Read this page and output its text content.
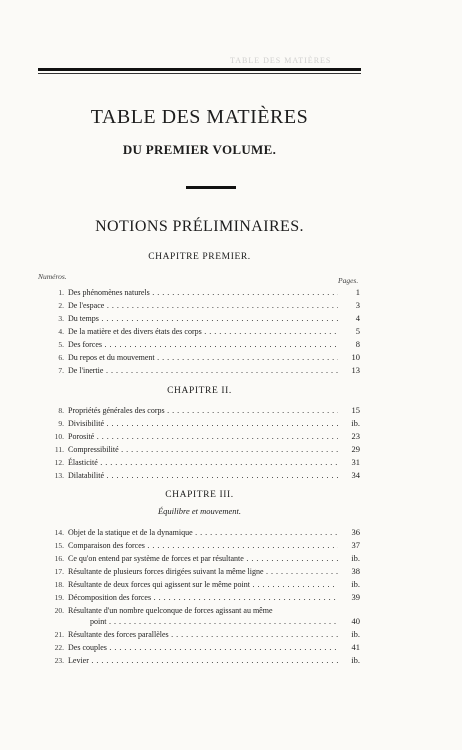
TABLE DES MATIÈRES
TABLE DES MATIÈRES
DU PREMIER VOLUME.
NOTIONS PRÉLIMINAIRES.
CHAPITRE PREMIER.
Numéros.	Pages.
1. Des phénomènes naturels . . .	1
2. De l'espace . . .	3
3. Du temps . . .	4
4. De la matière et des divers états des corps . . .	5
5. Des forces . . .	8
6. Du repos et du mouvement . . .	10
7. De l'inertie . . .	13
CHAPITRE II.
8. Propriétés générales des corps . . .	15
9. Divisibilité . . .	ib.
10. Porosité . . .	23
11. Compressibilité . . .	29
12. Élasticité . . .	31
13. Dilatabilité . . .	34
CHAPITRE III.
Équilibre et mouvement.
14. Objet de la statique et de la dynamique . . .	36
15. Comparaison des forces . . .	37
16. Ce qu'on entend par système de forces et par résultante . . .	ib.
17. Résultante de plusieurs forces dirigées suivant la même ligne . . .	38
18. Résultante de deux forces qui agissent sur le même point . . .	ib.
19. Décomposition des forces . . .	39
20. Résultante d'un nombre quelconque de forces agissant au même
point . . .	40
21. Résultante des forces parallèles . . .	ib.
22. Des couples . . .	41
23. Levier . . .	ib.
